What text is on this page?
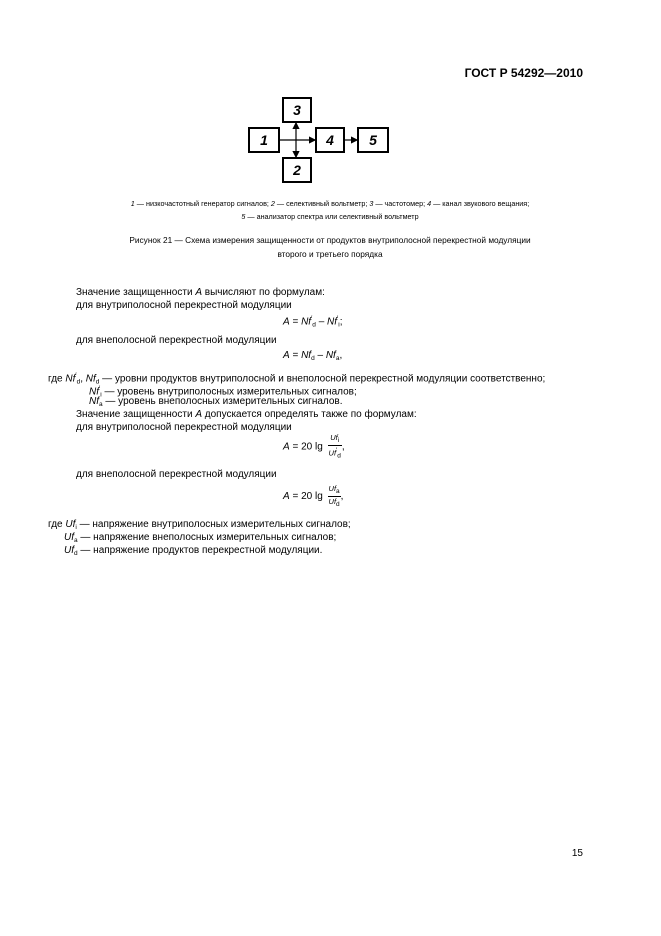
ГОСТ Р 54292—2010
1
3
2
4	5
1 — низкочастотный генератор сигналов; 2 — селективный вольтметр; 3 — частотомер; 4 — канал звукового вещания;
5 — анализатор спектра или селективный вольтметр
Рисунок 21 — Схема измерения защищенности от продуктов внутриполосной перекрестной модуляции
второго и третьего порядка
Значение защищенности A вычисляют по формулам:
для внутриполосной перекрестной модуляции
$A = Nf'_d - Nf'_i$;
для внеполосной перекрестной модуляции
$A = Nf_d - Nf_a$,
где $Nf'_d$, $Nf_d$ — уровни продуктов внутриполосной и внеполосной перекрестной модуляции соответственно;
$Nf'_i$ — уровень внутриполосных измерительных сигналов;
$Nf_a$ — уровень внеполосных измерительных сигналов.
Значение защищенности A допускается определять также по формулам:
для внутриполосной перекрестной модуляции
A = 20 $\lg \frac{Uf_i}{Uf'_d}$ ,
для внеполосной перекрестной модуляции
A = 20 $\lg \frac{Uf_a}{Uf_d}$ ,
где $Uf_i$ — напряжение внутриполосных измерительных сигналов;
$Uf_a$ — напряжение внеполосных измерительных сигналов;
$Uf_d$ — напряжение продуктов перекрестной модуляции.
15
